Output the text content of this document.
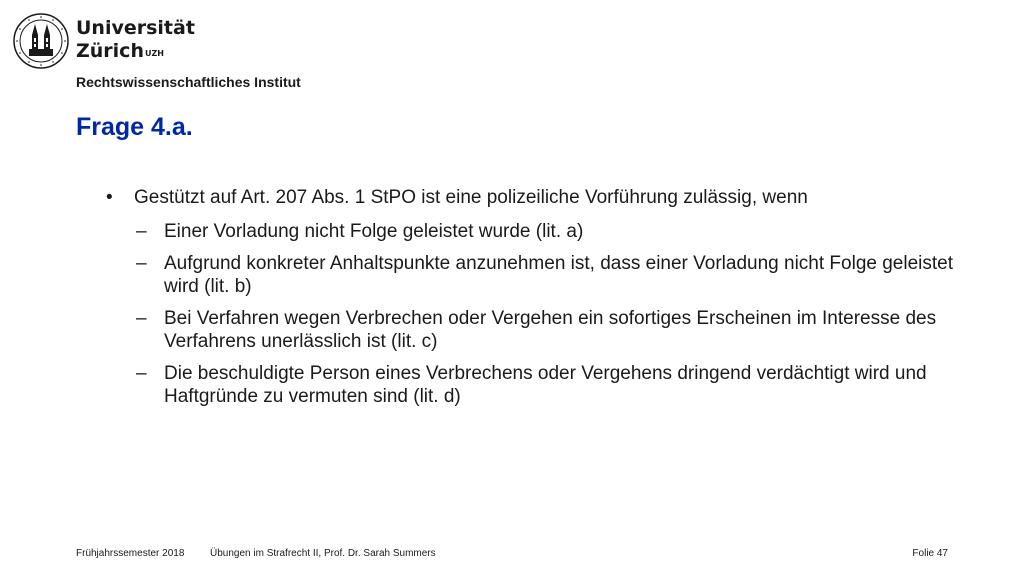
Universität
Zürich$^{UZH}$
Rechtswissenschaftliches Institut
Frage 4.a.
• Gestützt auf Art. 207 Abs. 1 StPO ist eine polizeiliche Vorführung zulässig, wenn
– Einer Vorladung nicht Folge geleistet wurde (lit. a)
– Aufgrund konkreter Anhaltspunkte anzunehmen ist, dass einer Vorladung nicht Folge geleistet wird (lit. b)
– Bei Verfahren wegen Verbrechen oder Vergehen ein sofortiges Erscheinen im Interesse des Verfahrens unerlässlich ist (lit. c)
– Die beschuldigte Person eines Verbrechens oder Vergehens dringend verdächtigt wird und Haftgründe zu vermuten sind (lit. d)
Frühjahrssemester 2018	Übungen im Strafrecht II, Prof. Dr. Sarah Summers	Folie 47
